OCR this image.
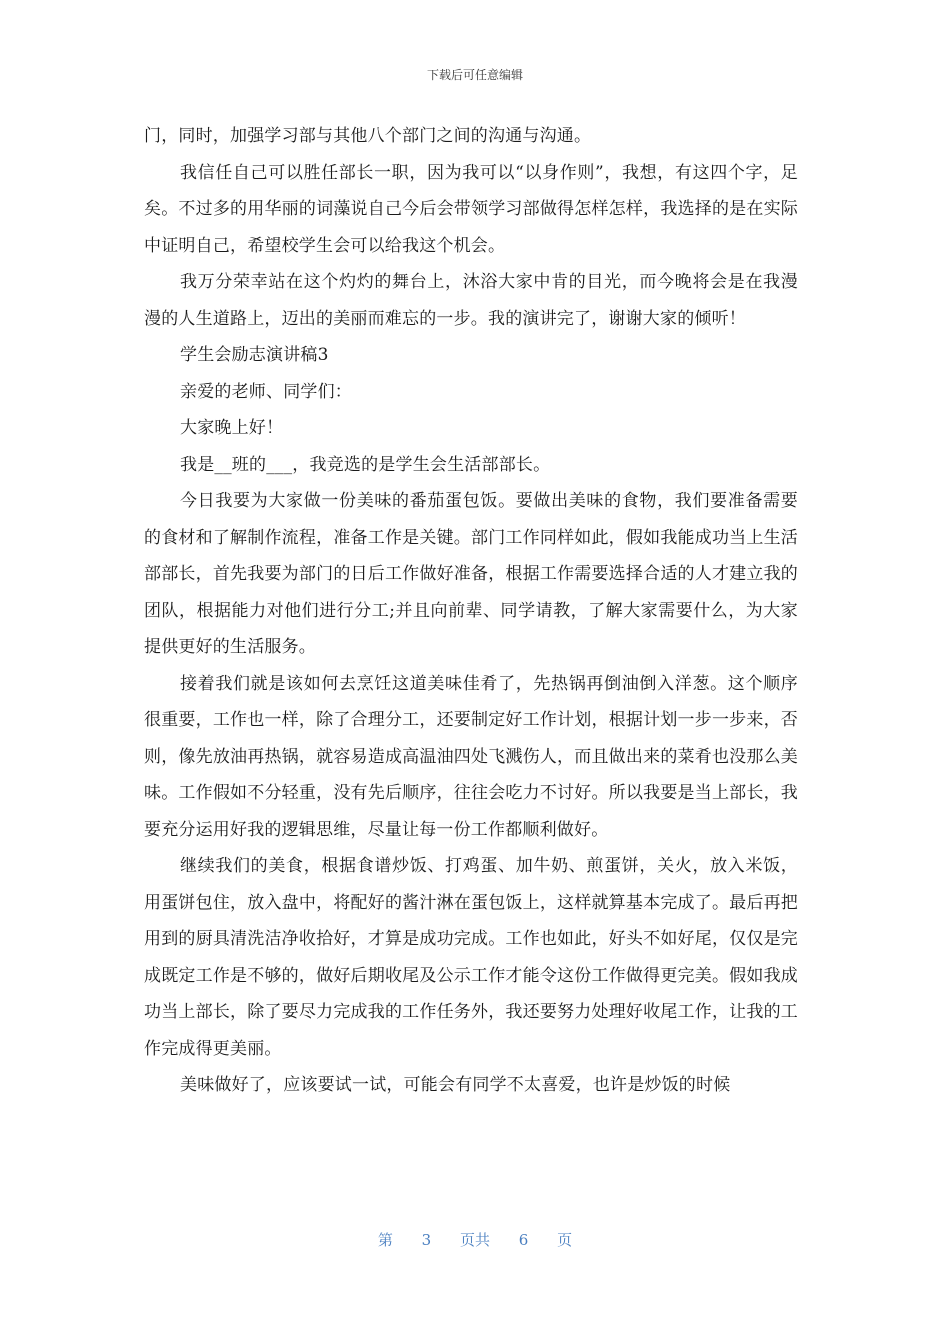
下载后可任意编辑

门，同时，加强学习部与其他八个部门之间的沟通与沟通。

我信任自己可以胜任部长一职，因为我可以“以身作则”，我想，有这四个字，足矣。不过多的用华丽的词藻说自己今后会带领学习部做得怎样怎样，我选择的是在实际中证明自己，希望校学生会可以给我这个机会。

我万分荣幸站在这个灼灼的舞台上，沐浴大家中肯的目光，而今晚将会是在我漫漫的人生道路上，迈出的美丽而难忘的一步。我的演讲完了，谢谢大家的倾听！

学生会励志演讲稿3

亲爱的老师、同学们：

大家晚上好！

我是__班的___，我竞选的是学生会生活部部长。

今日我要为大家做一份美味的番茄蛋包饭。要做出美味的食物，我们要准备需要的食材和了解制作流程，准备工作是关键。部门工作同样如此，假如我能成功当上生活部部长，首先我要为部门的日后工作做好准备，根据工作需要选择合适的人才建立我的团队，根据能力对他们进行分工;并且向前辈、同学请教，了解大家需要什么，为大家提供更好的生活服务。

接着我们就是该如何去烹饪这道美味佳肴了，先热锅再倒油倒入洋葱。这个顺序很重要，工作也一样，除了合理分工，还要制定好工作计划，根据计划一步一步来，否则，像先放油再热锅，就容易造成高温油四处飞溅伤人，而且做出来的菜肴也没那么美味。工作假如不分轻重，没有先后顺序，往往会吃力不讨好。所以我要是当上部长，我要充分运用好我的逻辑思维，尽量让每一份工作都顺利做好。

继续我们的美食，根据食谱炒饭、打鸡蛋、加牛奶、煎蛋饼，关火，放入米饭，用蛋饼包住，放入盘中，将配好的酱汁淋在蛋包饭上，这样就算基本完成了。最后再把用到的厨具清洗洁净收拾好，才算是成功完成。工作也如此，好头不如好尾，仅仅是完成既定工作是不够的，做好后期收尾及公示工作才能令这份工作做得更完美。假如我成功当上部长，除了要尽力完成我的工作任务外，我还要努力处理好收尾工作，让我的工作完成得更美丽。

美味做好了，应该要试一试，可能会有同学不太喜爱，也许是炒饭的时候

第 3 页共 6 页
